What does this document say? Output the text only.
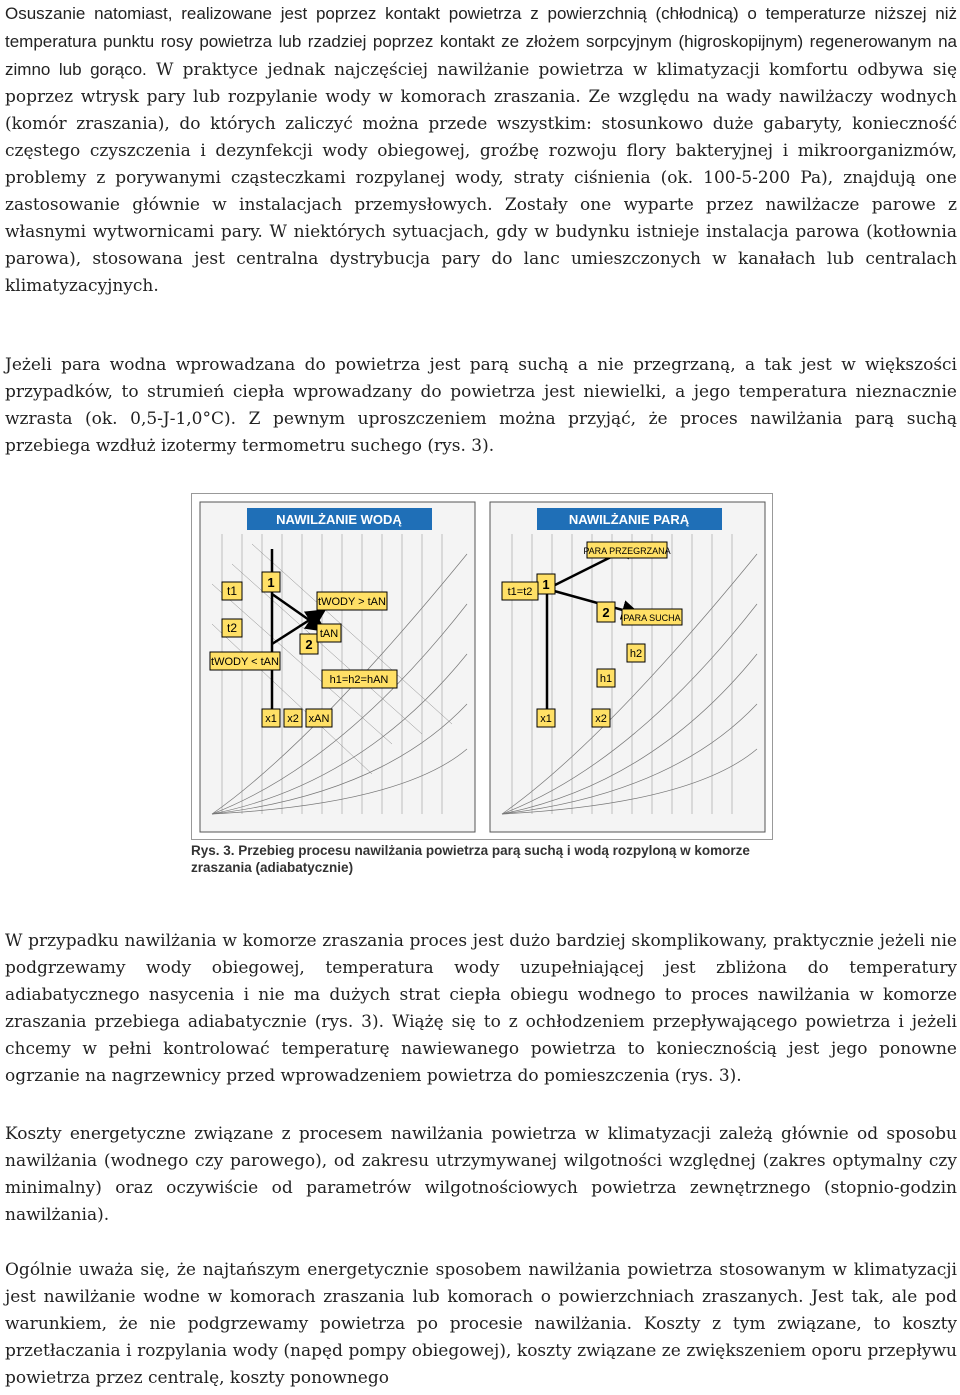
Osuszanie natomiast, realizowane jest poprzez kontakt powietrza z powierzchnią (chłodnicą) o temperaturze niższej niż temperatura punktu rosy powietrza lub rzadziej poprzez kontakt ze złożem sorpcyjnym (higroskopijnym) regenerowanym na zimno lub gorąco. W praktyce jednak najczęściej nawilżanie powietrza w klimatyzacji komfortu odbywa się poprzez wtrysk pary lub rozpylanie wody w komorach zraszania. Ze względu na wady nawilżaczy wodnych (komór zraszania), do których zaliczyć można przede wszystkim: stosunkowo duże gabaryty, konieczność częstego czyszczenia i dezynfekcji wody obiegowej, groźbę rozwoju flory bakteryjnej i mikroorganizmów, problemy z porywanymi cząsteczkami rozpylanej wody, straty ciśnienia (ok. 100-5-200 Pa), znajdują one zastosowanie głównie w instalacjach przemysłowych. Zostały one wyparte przez nawilżacze parowe z własnymi wytwornicami pary. W niektórych sytuacjach, gdy w budynku istnieje instalacja parowa (kotłownia parowa), stosowana jest centralna dystrybucja pary do lanc umieszczonych w kanałach lub centralach klimatyzacyjnych.

Jeżeli para wodna wprowadzana do powietrza jest parą suchą a nie przegrzaną, a tak jest w większości przypadków, to strumień ciepła wprowadzany do powietrza jest niewielki, a jego temperatura nieznacznie wzrasta (ok. 0,5-J-1,0°C). Z pewnym uproszczeniem można przyjąć, że proces nawilżania parą suchą przebiega wzdłuż izotermy termometru suchego (rys. 3).

NAWILŻANIE WODĄ
1
2
t1
t2
tWODY > tAN
tAN
tWODY < tAN
h1=h2=hAN
x1 x2 xAN
NAWILŻANIE PARĄ
PARA PRZEGRZANA
PARA SUCHA
1
2
t1=t2
h2
h1
x1	x2
Rys. 3. Przebieg procesu nawilżania powietrza parą suchą i wodą rozpyloną w komorze zraszania (adiabatycznie)

W przypadku nawilżania w komorze zraszania proces jest dużo bardziej skomplikowany, praktycznie jeżeli nie podgrzewamy wody obiegowej, temperatura wody uzupełniającej jest zbliżona do temperatury adiabatycznego nasycenia i nie ma dużych strat ciepła obiegu wodnego to proces nawilżania w komorze zraszania przebiega adiabatycznie (rys. 3). Wiążę się to z ochłodzeniem przepływającego powietrza i jeżeli chcemy w pełni kontrolować temperaturę nawiewanego powietrza to koniecznością jest jego ponowne ogrzanie na nagrzewnicy przed wprowadzeniem powietrza do pomieszczenia (rys. 3).

Koszty energetyczne związane z procesem nawilżania powietrza w klimatyzacji zależą głównie od sposobu nawilżania (wodnego czy parowego), od zakresu utrzymywanej wilgotności względnej (zakres optymalny czy minimalny) oraz oczywiście od parametrów wilgotnościowych powietrza zewnętrznego (stopnio-godzin nawilżania).

Ogólnie uważa się, że najtańszym energetycznie sposobem nawilżania powietrza stosowanym w klimatyzacji jest nawilżanie wodne w komorach zraszania lub komorach o powierzchniach zraszanych. Jest tak, ale pod warunkiem, że nie podgrzewamy powietrza po procesie nawilżania. Koszty z tym związane, to koszty przetłaczania i rozpylania wody (napęd pompy obiegowej), koszty związane ze zwiększeniem oporu przepływu powietrza przez centralę, koszty ponownego
